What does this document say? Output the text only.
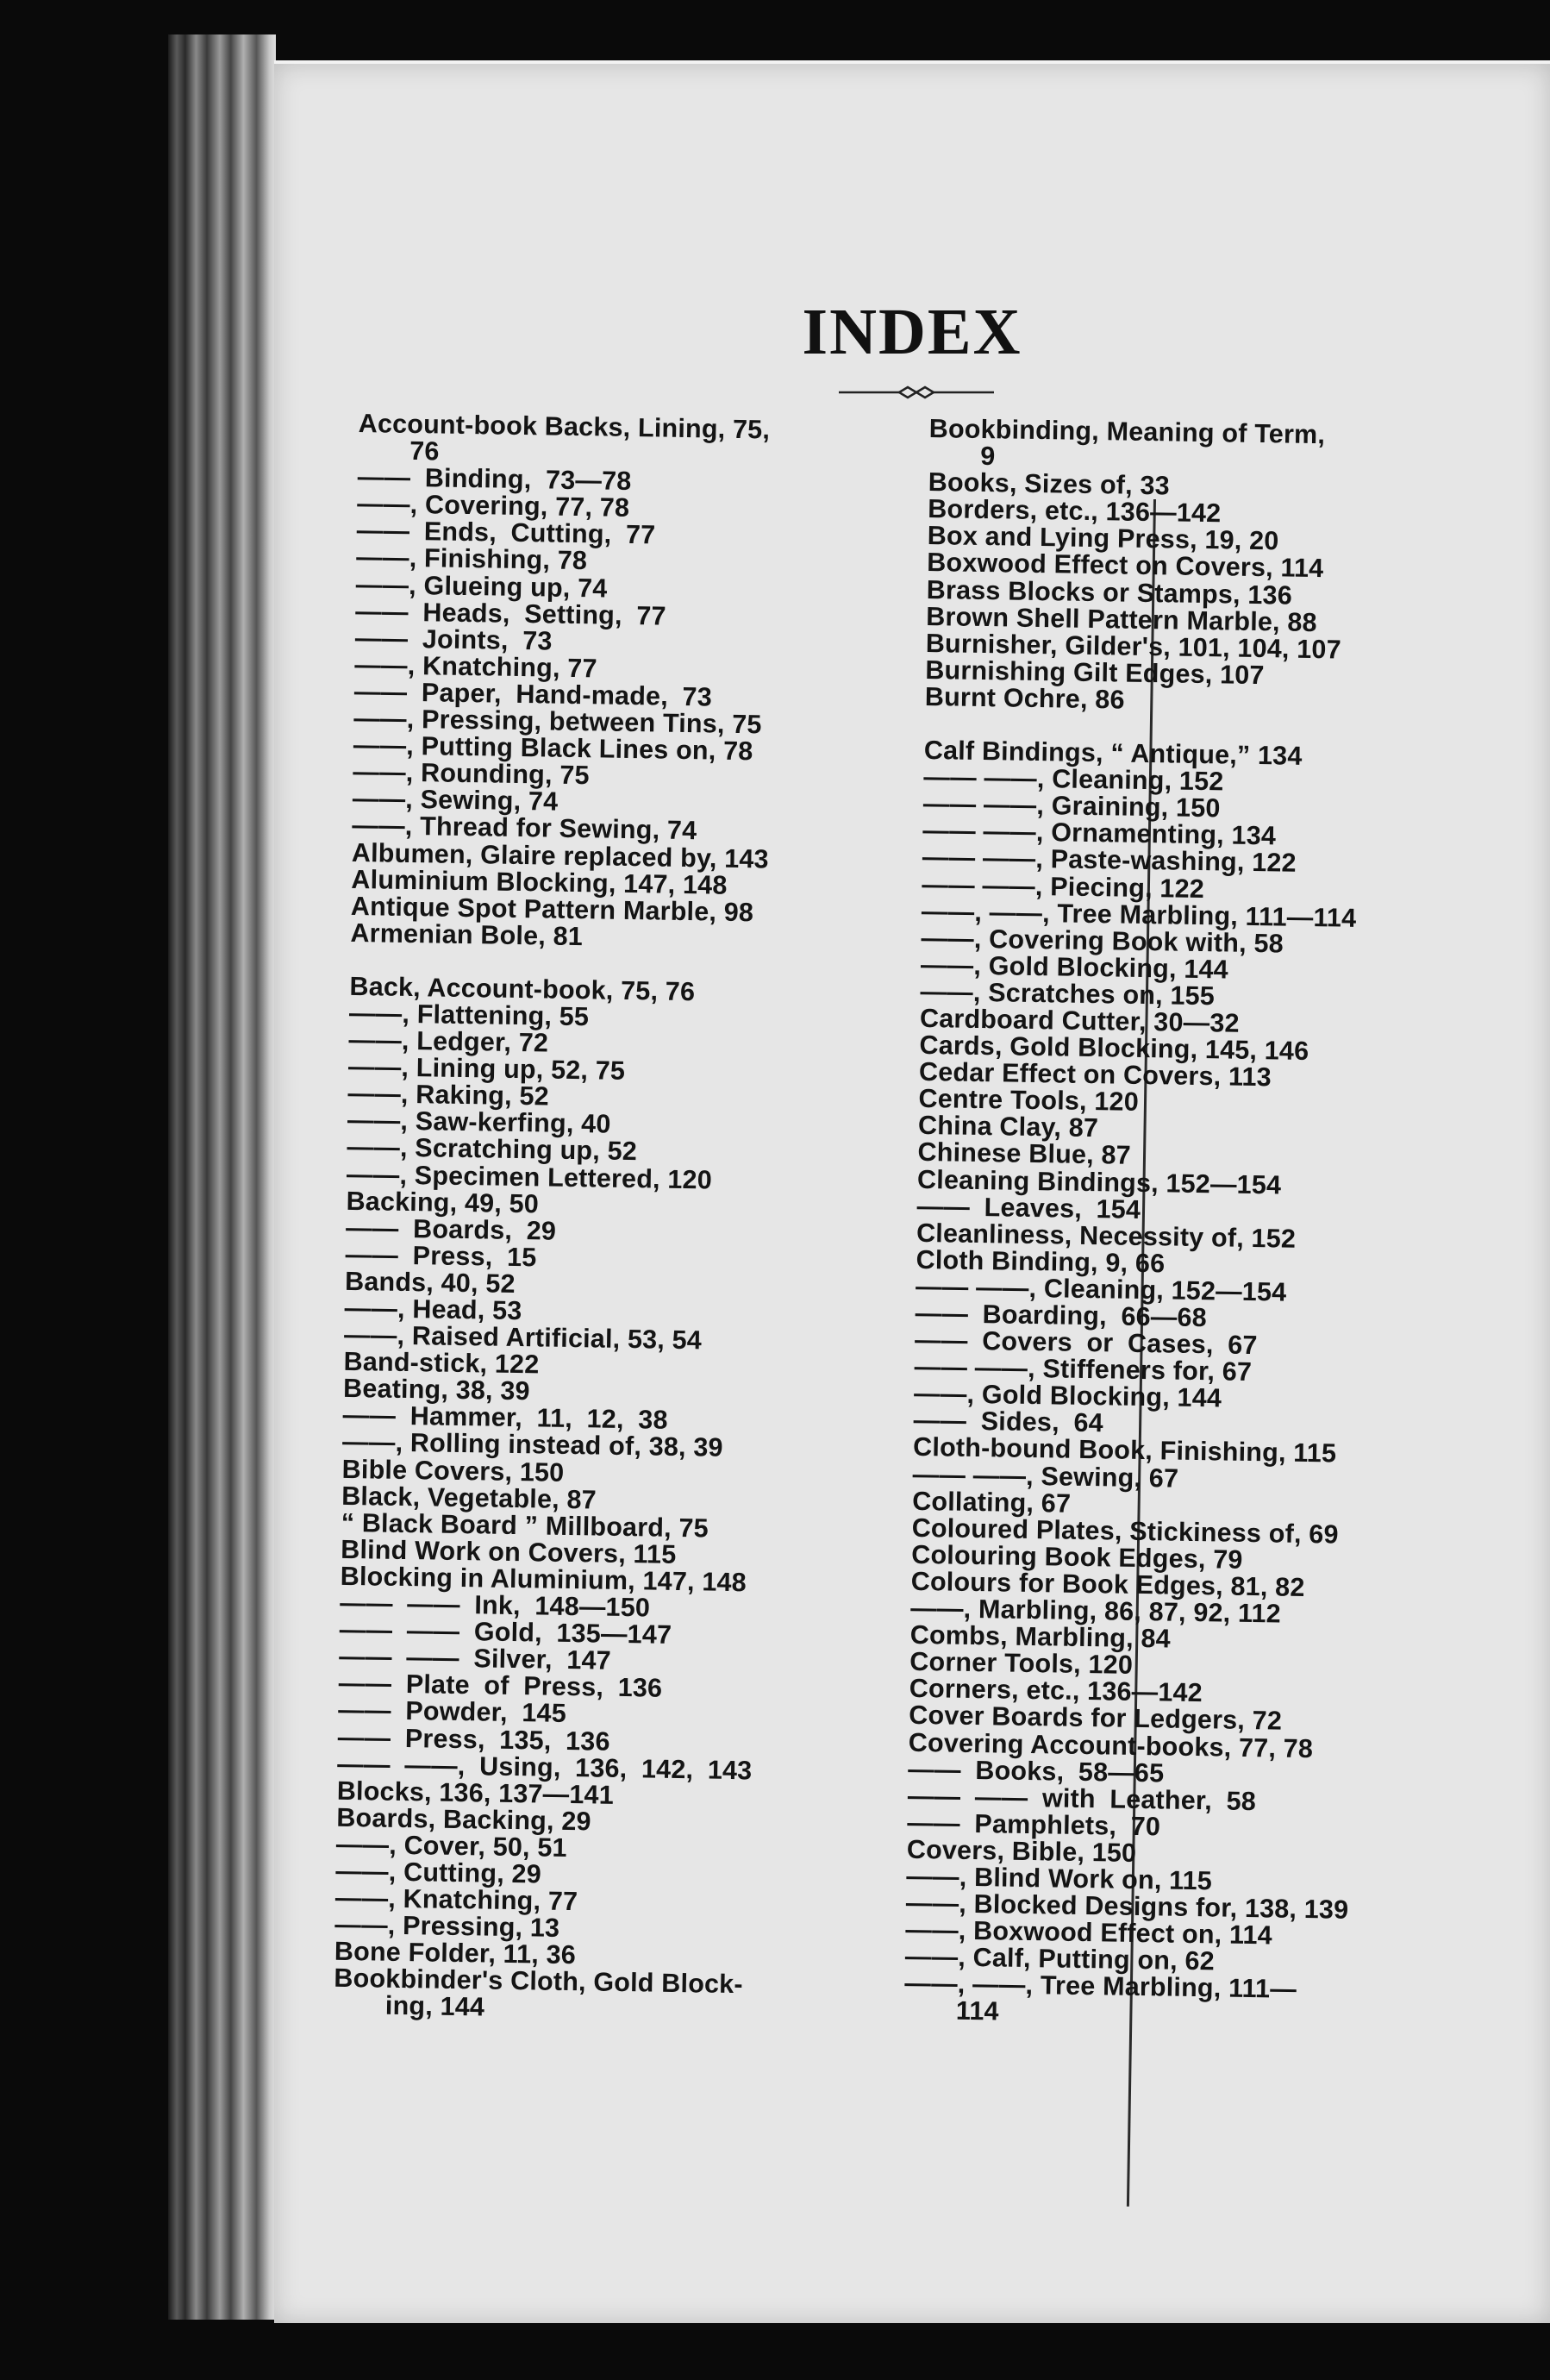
INDEX
Account-book Backs, Lining, 75,
76
—— Binding, 73—78
——, Covering, 77, 78
—— Ends, Cutting, 77
——, Finishing, 78
——, Glueing up, 74
—— Heads, Setting, 77
—— Joints, 73
——, Knatching, 77
—— Paper, Hand-made, 73
——, Pressing, between Tins, 75
——, Putting Black Lines on, 78
——, Rounding, 75
——, Sewing, 74
——, Thread for Sewing, 74
Albumen, Glaire replaced by, 143
Aluminium Blocking, 147, 148
Antique Spot Pattern Marble, 98
Armenian Bole, 81
Back, Account-book, 75, 76
——, Flattening, 55
——, Ledger, 72
——, Lining up, 52, 75
——, Raking, 52
——, Saw-kerfing, 40
——, Scratching up, 52
——, Specimen Lettered, 120
Backing, 49, 50
—— Boards, 29
—— Press, 15
Bands, 40, 52
——, Head, 53
——, Raised Artificial, 53, 54
Band-stick, 122
Beating, 38, 39
—— Hammer, 11, 12, 38
——, Rolling instead of, 38, 39
Bible Covers, 150
Black, Vegetable, 87
“ Black Board ” Millboard, 75
Blind Work on Covers, 115
Blocking in Aluminium, 147, 148
—— —— Ink, 148—150
—— —— Gold, 135—147
—— —— Silver, 147
—— Plate of Press, 136
—— Powder, 145
—— Press, 135, 136
—— ——, Using, 136, 142, 143
Blocks, 136, 137—141
Boards, Backing, 29
——, Cover, 50, 51
——, Cutting, 29
——, Knatching, 77
——, Pressing, 13
Bone Folder, 11, 36
Bookbinder's Cloth, Gold Block-
ing, 144
Bookbinding, Meaning of Term,
9
Books, Sizes of, 33
Borders, etc., 136—142
Box and Lying Press, 19, 20
Boxwood Effect on Covers, 114
Brass Blocks or Stamps, 136
Brown Shell Pattern Marble, 88
Burnisher, Gilder's, 101, 104, 107
Burnishing Gilt Edges, 107
Burnt Ochre, 86
Calf Bindings, “ Antique,” 134
—— ——, Cleaning, 152
—— ——, Graining, 150
—— ——, Ornamenting, 134
—— ——, Paste-washing, 122
—— ——, Piecing, 122
——, ——, Tree Marbling, 111—114
——, Covering Book with, 58
——, Gold Blocking, 144
——, Scratches on, 155
Cardboard Cutter, 30—32
Cards, Gold Blocking, 145, 146
Cedar Effect on Covers, 113
Centre Tools, 120
China Clay, 87
Chinese Blue, 87
Cleaning Bindings, 152—154
—— Leaves, 154
Cleanliness, Necessity of, 152
Cloth Binding, 9, 66
—— ——, Cleaning, 152—154
—— Boarding, 66—68
—— Covers or Cases, 67
—— ——, Stiffeners for, 67
——, Gold Blocking, 144
—— Sides, 64
Cloth-bound Book, Finishing, 115
—— ——, Sewing, 67
Collating, 67
Coloured Plates, Stickiness of, 69
Colouring Book Edges, 79
Colours for Book Edges, 81, 82
——, Marbling, 86, 87, 92, 112
Combs, Marbling, 84
Corner Tools, 120
Corners, etc., 136—142
Cover Boards for Ledgers, 72
Covering Account-books, 77, 78
—— Books, 58—65
—— —— with Leather, 58
—— Pamphlets, 70
Covers, Bible, 150
——, Blind Work on, 115
——, Blocked Designs for, 138, 139
——, Boxwood Effect on, 114
——, Calf, Putting on, 62
——, ——, Tree Marbling, 111—
114
